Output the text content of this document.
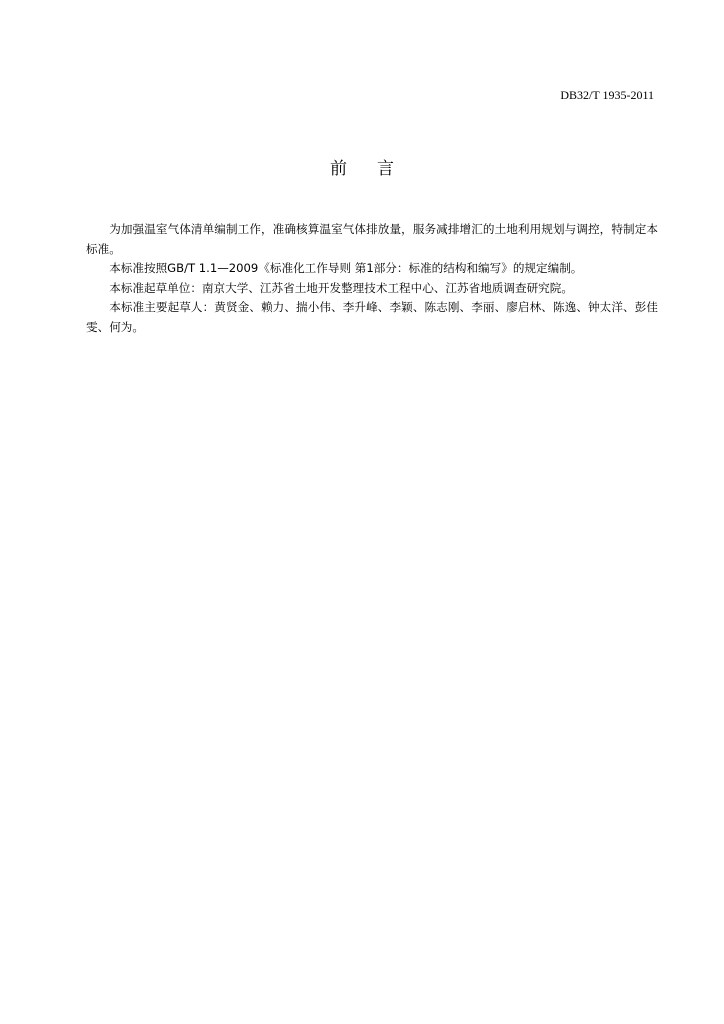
DB32/T 1935-2011
前言

为加强温室气体清单编制工作，准确核算温室气体排放量，服务减排增汇的土地利用规划与调控，特制定本标准。

本标准按照GB/T 1.1—2009《标准化工作导则 第1部分：标准的结构和编写》的规定编制。

本标准起草单位：南京大学、江苏省土地开发整理技术工程中心、江苏省地质调查研究院。

本标准主要起草人：黄贤金、赖力、揣小伟、李升峰、李颖、陈志刚、李丽、廖启林、陈逸、钟太洋、彭佳雯、何为。
